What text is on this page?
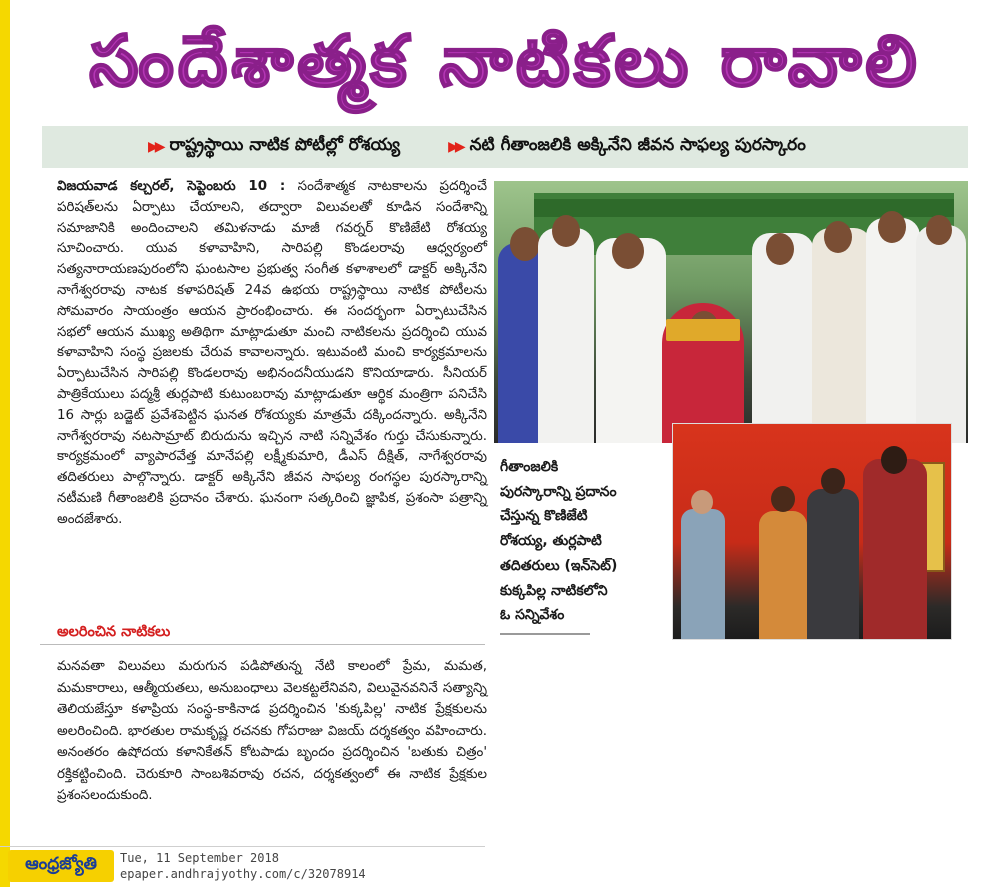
సందేశాత్మక నాటికలు రావాలి
▶▶ రాష్ట్రస్థాయి నాటిక పోటీల్లో రోశయ్య	▶▶ నటి గీతాంజలికి అక్కినేని జీవన సాఫల్య పురస్కారం
విజయవాడ కల్చరల్‌, సెప్టెంబరు 10 : సందేశాత్మక నాటకాలను ప్రదర్శించే పరిషత్‌లను ఏర్పాటు చేయాలని, తద్వారా విలువలతో కూడిన సందేశాన్ని సమాజానికి అందించాలని తమిళనాడు మాజీ గవర్నర్‌ కొణిజేటి రోశయ్య సూచించారు. యువ కళావాహిని, సారిపల్లి కొండలరావు ఆధ్వర్యంలో సత్యనారాయణపురంలోని ఘంటసాల ప్రభుత్వ సంగీత కళాశాలలో డాక్టర్‌ అక్కినేని నాగేశ్వరరావు నాటక కళాపరిషత్‌ 24వ ఉభయ రాష్ట్రస్థాయి నాటిక పోటీలను సోమవారం సాయంత్రం ఆయన ప్రారంభించారు. ఈ సందర్భంగా ఏర్పాటుచేసిన సభలో ఆయన ముఖ్య అతిథిగా మాట్లాడుతూ మంచి నాటికలను ప్రదర్శించి యువ కళావాహిని సంస్థ ప్రజలకు చేరువ కావాలన్నారు. ఇటువంటి మంచి కార్యక్రమాలను ఏర్పాటుచేసిన సారిపల్లి కొండలరావు అభినందనీయుడని కొనియాడారు. సీనియర్‌ పాత్రికేయులు పద్మశ్రీ తుర్లపాటి కుటుంబరావు మాట్లాడుతూ ఆర్థిక మంత్రిగా పనిచేసి 16 సార్లు బడ్జెట్‌ ప్రవేశపెట్టిన ఘనత రోశయ్యకు మాత్రమే దక్కిందన్నారు. అక్కినేని నాగేశ్వరరావు నటసామ్రాట్‌ బిరుదును ఇచ్చిన నాటి సన్నివేశం గుర్తు చేసుకున్నారు. కార్యక్రమంలో వ్యాపారవేత్త మానేపల్లి లక్ష్మీకుమారి, డీఎస్‌ దీక్షిత్‌, నాగేశ్వరరావు తదితరులు పాల్గొన్నారు. డాక్టర్‌ అక్కినేని జీవన సాఫల్య రంగస్థల పురస్కారాన్ని నటీమణి గీతాంజలికి ప్రదానం చేశారు. ఘనంగా సత్కరించి జ్ఞాపిక, ప్రశంసా పత్రాన్ని అందజేశారు.
అలరించిన నాటికలు
మనవతా విలువలు మరుగున పడిపోతున్న నేటి కాలంలో ప్రేమ, మమత, మమకారాలు, ఆత్మీయతలు, అనుబంధాలు వెలకట్టలేనివని, విలువైనవనినే సత్యాన్ని తెలియజేస్తూ కళాప్రియ సంస్థ-కాకినాడ ప్రదర్శించిన 'కుక్కపిల్ల' నాటిక ప్రేక్షకులను అలరించింది. భారతుల రామకృష్ణ రచనకు గోపరాజు విజయ్‌ దర్శకత్వం వహించారు. అనంతరం ఉషోదయ కళానికేతన్‌ కోటపాడు బృందం ప్రదర్శించిన 'బతుకు చిత్రం' రక్తికట్టించింది. చెరుకూరి సాంబశివరావు రచన, దర్శకత్వంలో ఈ నాటిక ప్రేక్షకుల ప్రశంసలందుకుంది.
గీతాంజలికి
పురస్కారాన్ని ప్రదానం
చేస్తున్న కొణిజేటి
రోశయ్య, తుర్లపాటి
తదితరులు (ఇన్‌సెట్‌)
కుక్కపిల్ల నాటికలోని
ఓ సన్నివేశం
ఆంధ్రజ్యోతి	Tue, 11 September 2018
epaper.andhrajyothy.com/c/32078914
